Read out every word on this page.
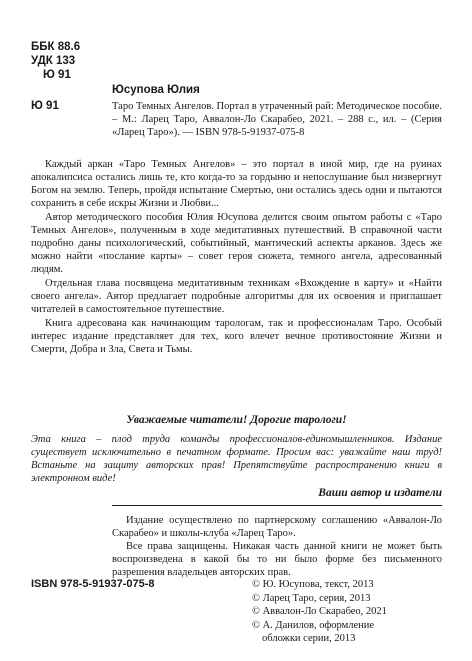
ББК 88.6
УДК 133
Ю 91
Юсупова Юлия
Ю 91	Таро Темных Ангелов. Портал в утраченный рай: Методическое пособие. – М.: Ларец Таро, Аввалон-Ло Скарабео, 2021. – 288 с., ил. – (Серия «Ларец Таро»). — ISBN 978-5-91937-075-8

Каждый аркан «Таро Темных Ангелов» – это портал в иной мир, где на руинах апокалипсиса остались лишь те, кто когда-то за гордыню и непослушание был низвергнут Богом на землю. Теперь, пройдя испытание Смертью, они остались здесь одни и пытаются сохранить в себе искры Жизни и Любви...

Автор методического пособия Юлия Юсупова делится своим опытом работы с «Таро Темных Ангелов», полученным в ходе медитативных путешествий. В справочной части подробно даны психологический, событийный, мантический аспекты арканов. Здесь же можно найти «послание карты» – совет героя сюжета, темного ангела, адресованный людям.

Отдельная глава посвящена медитативным техникам «Вхождение в карту» и «Найти своего ангела». Автор предлагает подробные алгоритмы для их освоения и приглашает читателей в самостоятельное путешествие.

Книга адресована как начинающим тарологам, так и профессионалам Таро. Особый интерес издание представляет для тех, кого влечет вечное противостояние Жизни и Смерти, Добра и Зла, Света и Тьмы.

Уважаемые читатели! Дорогие тарологи!
Эта книга – плод труда команды профессионалов-единомышленников. Издание существует исключительно в печатном формате. Просим вас: уважайте наш труд! Встаньте на защиту авторских прав! Препятствуйте распространению книги в электронном виде!
Ваши автор и издатели

Издание осуществлено по партнерскому соглашению «Аввалон-Ло Скарабео» и школы-клуба «Ларец Таро».

Все права защищены. Никакая часть данной книги не может быть воспроизведена в какой бы то ни было форме без письменного разрешения владельцев авторских прав.

ISBN 978-5-91937-075-8	© Ю. Юсупова, текст, 2013
© Ларец Таро, серия, 2013
© Аввалон-Ло Скарабео, 2021
© А. Данилов, оформление
обложки серии, 2013
